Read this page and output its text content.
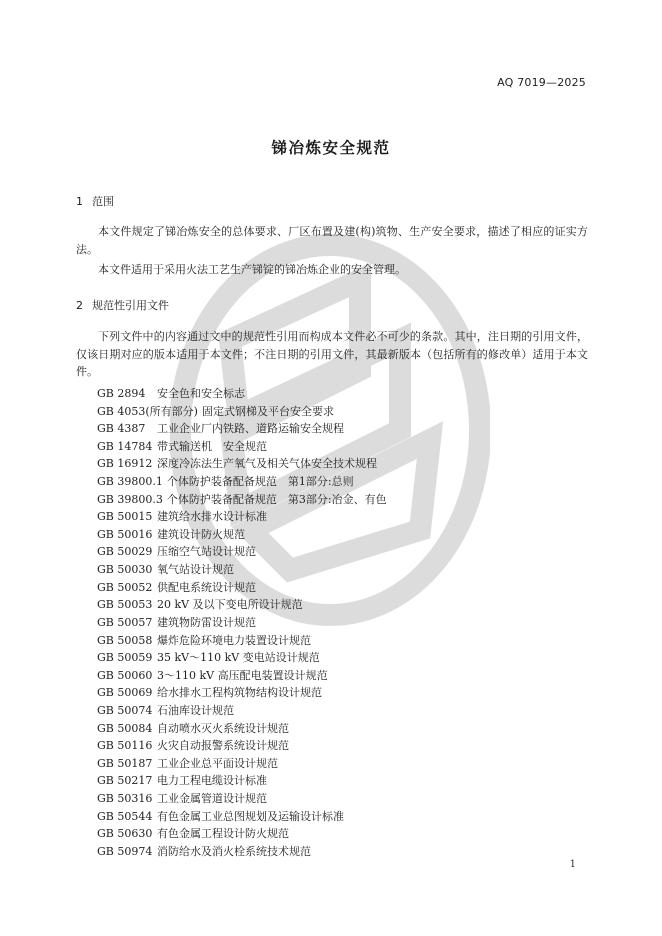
AQ 7019—2025
锑冶炼安全规范
1 范围
本文件规定了锑冶炼安全的总体要求、厂区布置及建(构)筑物、生产安全要求，描述了相应的证实方法。
本文件适用于采用火法工艺生产锑锭的锑冶炼企业的安全管理。
2 规范性引用文件
下列文件中的内容通过文中的规范性引用而构成本文件必不可少的条款。其中，注日期的引用文件，仅该日期对应的版本适用于本文件；不注日期的引用文件，其最新版本（包括所有的修改单）适用于本文件。
GB 2894 安全色和安全标志
GB 4053(所有部分) 固定式钢梯及平台安全要求
GB 4387 工业企业厂内铁路、道路运输安全规程
GB 14784 带式输送机　安全规范
GB 16912 深度冷冻法生产氧气及相关气体安全技术规程
GB 39800.1 个体防护装备配备规范　第1部分:总则
GB 39800.3 个体防护装备配备规范　第3部分:冶金、有色
GB 50015 建筑给水排水设计标准
GB 50016 建筑设计防火规范
GB 50029 压缩空气站设计规范
GB 50030 氧气站设计规范
GB 50052 供配电系统设计规范
GB 50053 20 kV 及以下变电所设计规范
GB 50057 建筑物防雷设计规范
GB 50058 爆炸危险环境电力装置设计规范
GB 50059 35 kV～110 kV 变电站设计规范
GB 50060 3～110 kV 高压配电装置设计规范
GB 50069 给水排水工程构筑物结构设计规范
GB 50074 石油库设计规范
GB 50084 自动喷水灭火系统设计规范
GB 50116 火灾自动报警系统设计规范
GB 50187 工业企业总平面设计规范
GB 50217 电力工程电缆设计标准
GB 50316 工业金属管道设计规范
GB 50544 有色金属工业总图规划及运输设计标准
GB 50630 有色金属工程设计防火规范
GB 50974 消防给水及消火栓系统技术规范
1
